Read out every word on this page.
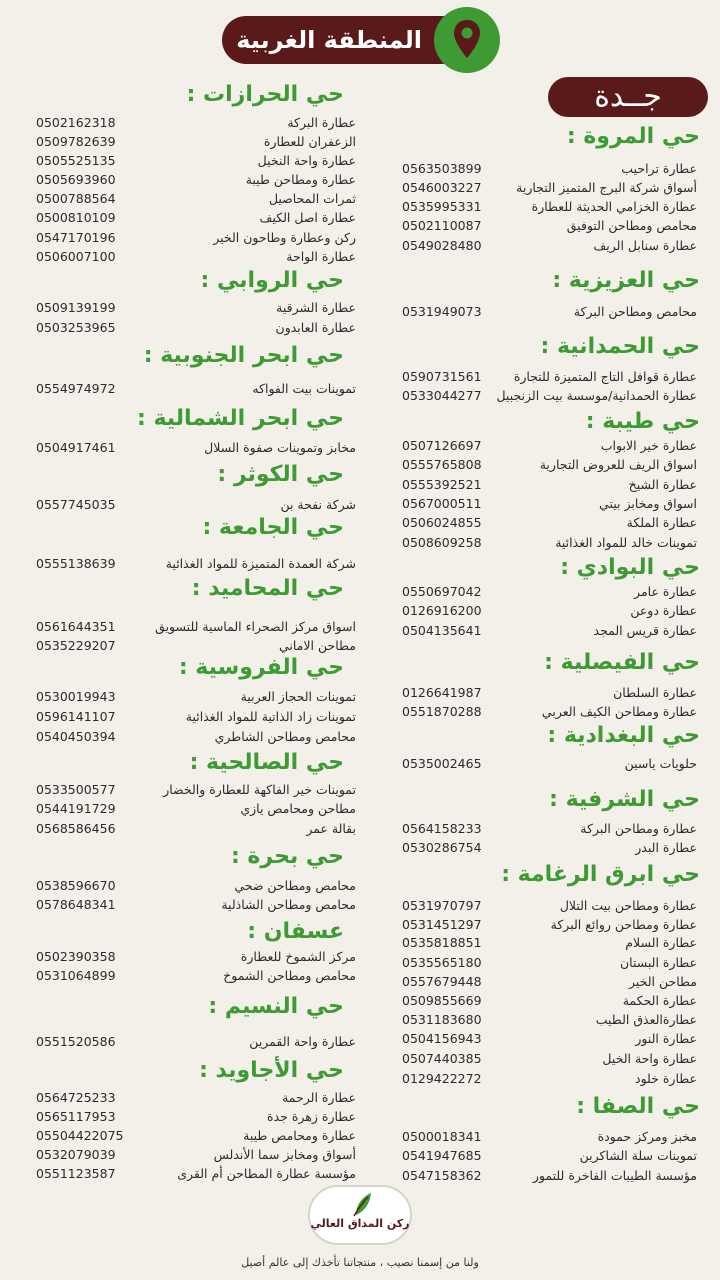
المنطقة الغربية
جــدة
حي المروة :
عطارة تراحيب
0563503899
أسواق شركة البرج المتميز التجارية
0546003227
عطارة الخزامي الحديثة للعطارة
0535995331
محامص ومطاحن التوفيق
0502110087
عطارة سنابل الريف
0549028480
حي العزيزية :
محامص ومطاحن البركة
0531949073
حي الحمدانية :
عطارة قوافل التاج المتميزة للتجارة
0590731561
عطارة الحمدانية/موسسة بيت الزنجبيل
0533044277
حي طيبة :
عطارة خير الابواب
0507126697
اسواق الريف للعروض التجارية
0555765808
عطارة الشيخ
0555392521
اسواق ومخابز بيتي
0567000511
عطارة الملكة
0506024855
تموينات خالد للمواد الغذائية
0508609258
حي البوادي :
عطارة عامر
0550697042
عطارة دوعن
0126916200
عطارة قريس المجد
0504135641
حي الفيصلية :
عطارة السلطان
0126641987
عطارة ومطاحن الكيف العربي
0551870288
حي البغدادية :
حلويات ياسين
0535002465
حي الشرفية :
عطارة ومطاحن البركة
0564158233
عطارة البدر
0530286754
حي ابرق الرغامة :
عطارة ومطاحن بيت التلال
0531970797
عطارة ومطاحن روائع البركة
0531451297
عطارة السلام
0535818851
عطارة البستان
0535565180
مطاحن الخير
0557679448
عطارة الحكمة
0509855669
عطارةالعذق الطيب
0531183680
عطارة النور
0504156943
عطارة واحة الخيل
0507440385
عطارة خلود
0129422272
حي الصفا :
مخبز ومركز حمودة
0500018341
تموينات سلة الشاكرين
0541947685
مؤسسة الطيبات الفاخرة للتمور
0547158362
حي الحرازات :
عطارة البركة
0502162318
الزعفران للعطارة
0509782639
عطارة واحة النخيل
0505525135
عطارة ومطاحن طيبة
0505693960
ثمرات المحاصيل
0500788564
عطارة اصل الكيف
0500810109
ركن وعطارة وطاحون الخير
0547170196
عطارة الواحة
0506007100
حي الروابي :
عطارة الشرقية
0509139199
عطارة العابدون
0503253965
حي ابحر الجنوبية :
تموينات بيت الفواكه
0554974972
حي ابحر الشمالية :
مخابز وتموينات صفوة السلال
0504917461
حي الكوثر :
شركة نفحة بن
0557745035
حي الجامعة :
شركة العمدة المتميزة للمواد الغذائية
0555138639
حي المحاميد :
اسواق مركز الصحراء الماسية للتسويق
0561644351
مطاحن الاماني
0535229207
حي الفروسية :
تموينات الحجاز العربية
0530019943
تموينات زاد الذاتية للمواد الغذائية
0596141107
محامص ومطاحن الشاطري
0540450394
حي الصالحية :
تموينات خير الفاكهة للعطارة والخضار
0533500577
مطاحن ومحامص يازي
0544191729
بقالة عمر
0568586456
حي بحرة :
محامص ومطاحن ضحي
0538596670
محامص ومطاحن الشاذلية
0578648341
عسفان :
مركز الشموخ للعطارة
0502390358
محامص ومطاحن الشموخ
0531064899
حي النسيم :
عطارة واحة القمرين
0551520586
حي الأجاويد :
عطارة الرحمة
0564725233
عطارة زهرة جدة
0565117953
عطارة ومحامص طيبة
05504422075
أسواق ومخابز سما الأندلس
0532079039
مؤسسة عطارة المطاحن أم القرى
0551123587
ركن المذاق العالي
ولنا من إسمنا نصيب ، منتجاتنا تأخذك إلى عالم أصيل
